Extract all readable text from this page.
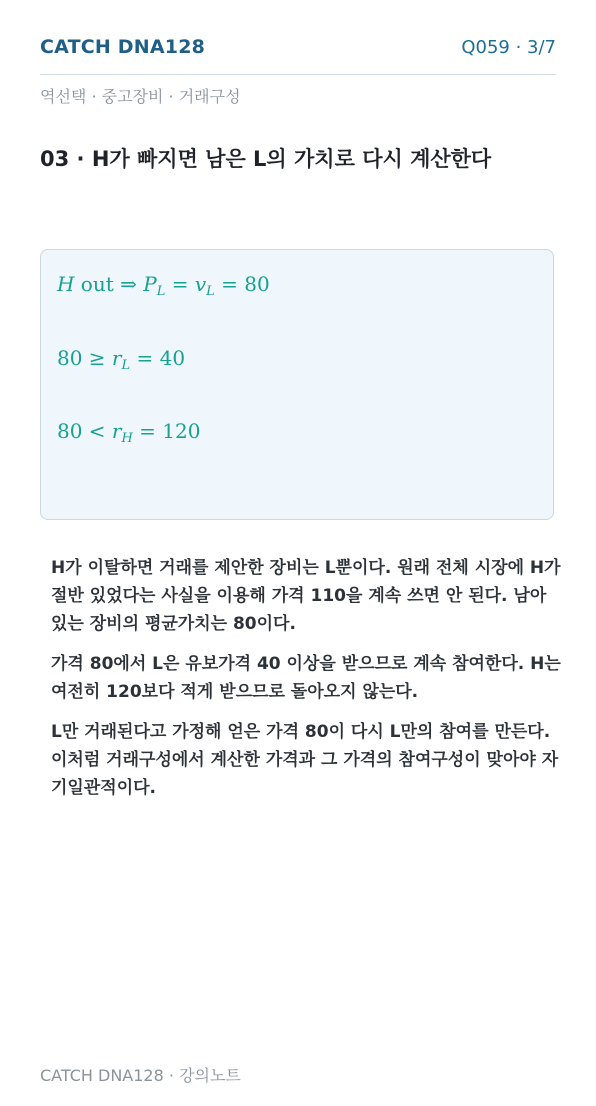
CATCH DNA128	Q059 · 3/7
역선택 · 중고장비 · 거래구성
03 · H가 빠지면 남은 L의 가치로 다시 계산한다
H out ⇒ $P_L = v_L = 80$
$80 \ge r_L = 40$
$80 < r_H = 120$

H가 이탈하면 거래를 제안한 장비는 L뿐이다. 원래 전체 시장에 H가 절반 있었다는 사실을 이용해 가격 110을 계속 쓰면 안 된다. 남아 있는 장비의 평균가치는 80이다.

가격 80에서 L은 유보가격 40 이상을 받으므로 계속 참여한다. H는 여전히 120보다 적게 받으므로 돌아오지 않는다.

L만 거래된다고 가정해 얻은 가격 80이 다시 L만의 참여를 만든다. 이처럼 거래구성에서 계산한 가격과 그 가격의 참여구성이 맞아야 자기일관적이다.

CATCH DNA128 · 강의노트
